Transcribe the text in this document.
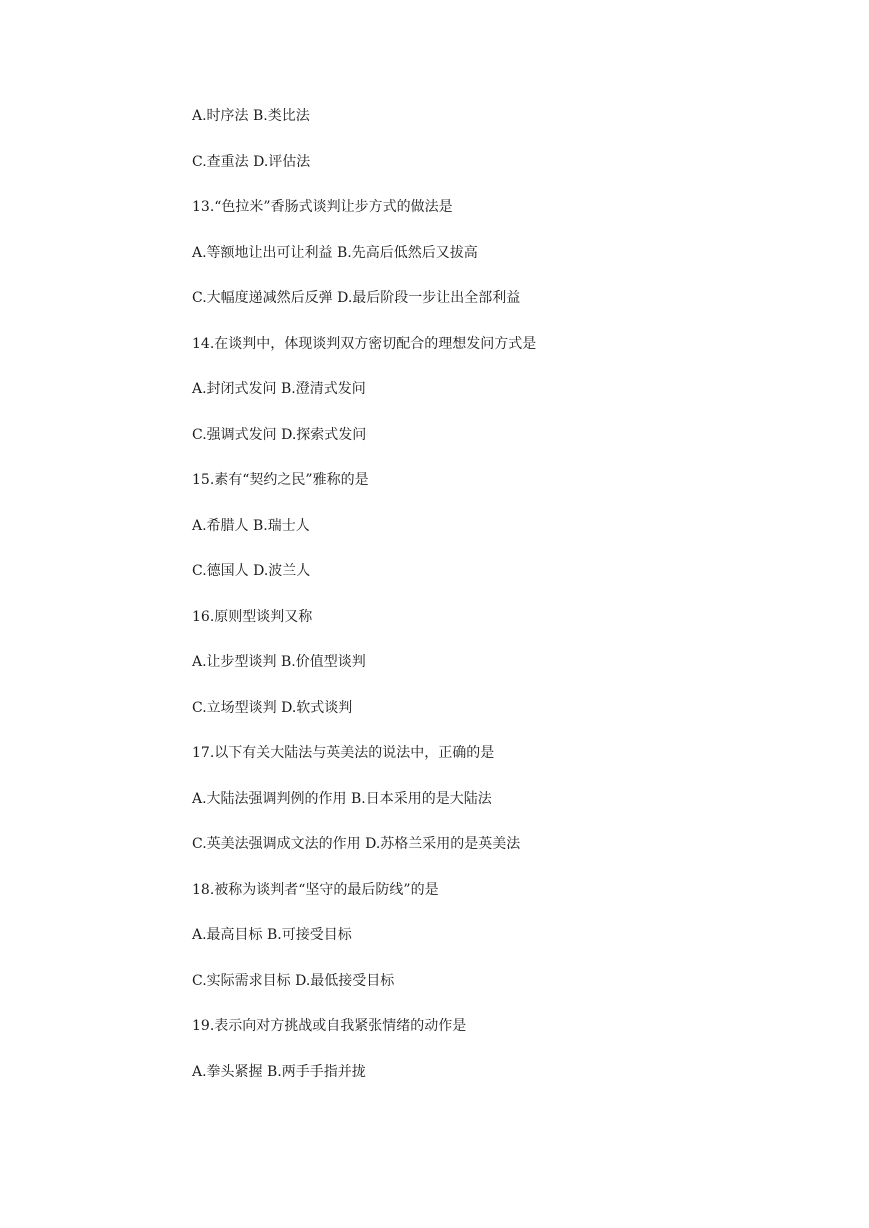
A.时序法 B.类比法
C.查重法 D.评估法
13.“色拉米”香肠式谈判让步方式的做法是
A.等额地让出可让利益 B.先高后低然后又拔高
C.大幅度递减然后反弹 D.最后阶段一步让出全部利益
14.在谈判中，体现谈判双方密切配合的理想发问方式是
A.封闭式发问 B.澄清式发问
C.强调式发问 D.探索式发问
15.素有“契约之民”雅称的是
A.希腊人 B.瑞士人
C.德国人 D.波兰人
16.原则型谈判又称
A.让步型谈判 B.价值型谈判
C.立场型谈判 D.软式谈判
17.以下有关大陆法与英美法的说法中，正确的是
A.大陆法强调判例的作用 B.日本采用的是大陆法
C.英美法强调成文法的作用 D.苏格兰采用的是英美法
18.被称为谈判者“坚守的最后防线”的是
A.最高目标 B.可接受目标
C.实际需求目标 D.最低接受目标
19.表示向对方挑战或自我紧张情绪的动作是
A.拳头紧握 B.两手手指并拢
